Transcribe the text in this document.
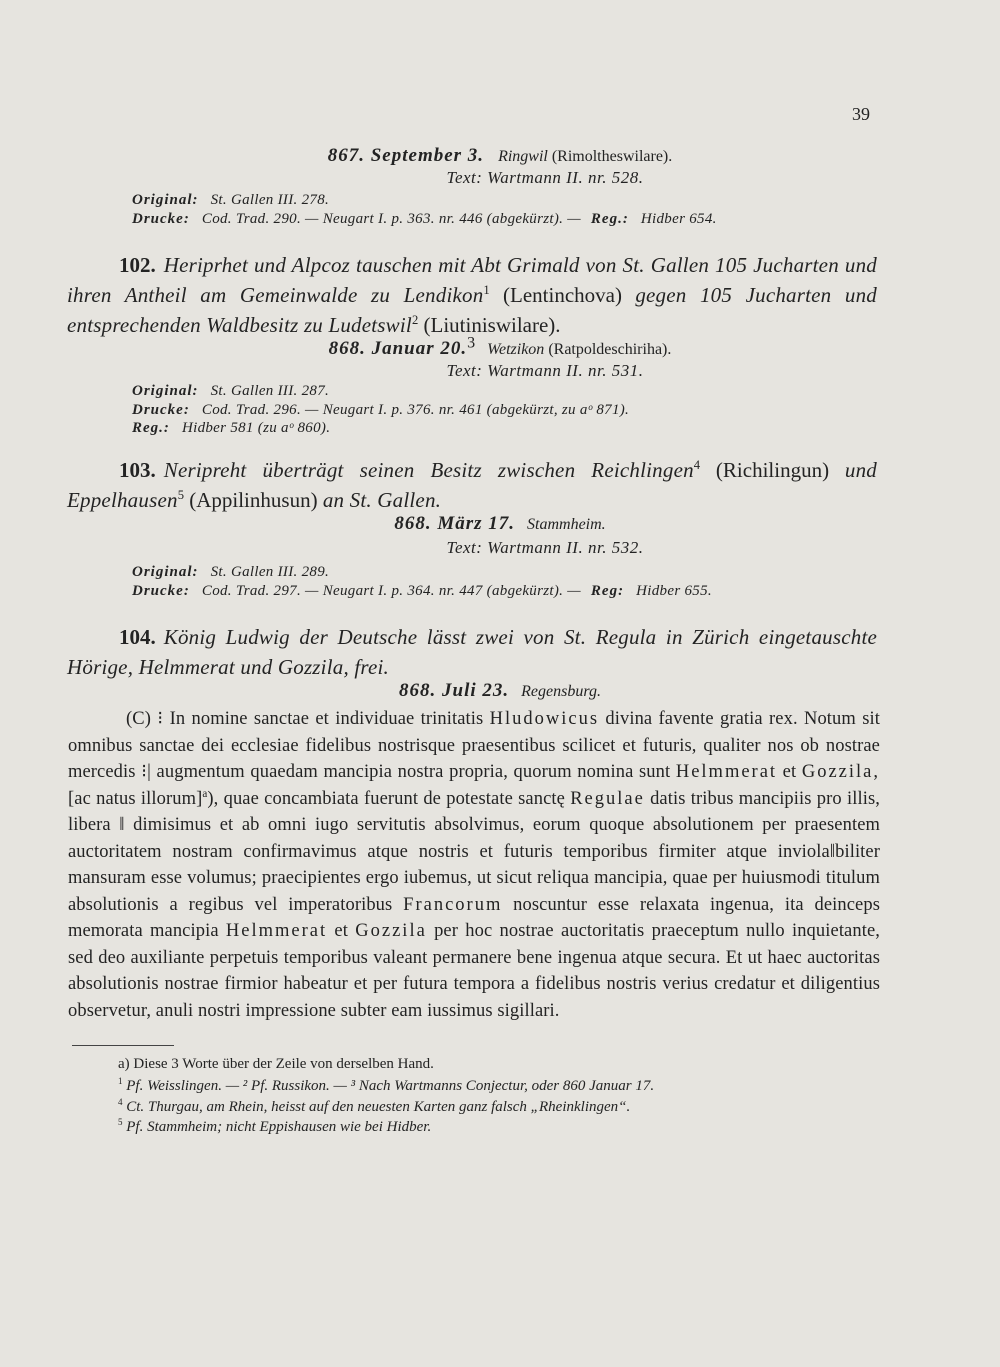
39
867. September 3. Ringwil (Rimoltheswilare).
Text: Wartmann II. nr. 528.
Original: St. Gallen III. 278.
Drucke: Cod. Trad. 290. — Neugart I. p. 363. nr. 446 (abgekürzt). — Reg.: Hidber 654.
102. Heriprhet und Alpcoz tauschen mit Abt Grimald von St. Gallen 105 Jucharten und ihren Antheil am Gemeinwalde zu Lendikon$^1$ (Lentinchova) gegen 105 Jucharten und entsprechenden Waldbesitz zu Ludetswil$^2$ (Liutiniswilare).
868. Januar 20.$^3$ Wetzikon (Ratpoldeschiriha).
Text: Wartmann II. nr. 531.
Original: St. Gallen III. 287.
Drucke: Cod. Trad. 296. — Neugart I. p. 376. nr. 461 (abgekürzt, zu aᵒ 871).
Reg.: Hidber 581 (zu aᵒ 860).
103. Neripreht überträgt seinen Besitz zwischen Reichlingen$^4$ (Richilingun) und Eppelhausen$^5$ (Appilinhusun) an St. Gallen.
868. März 17. Stammheim.
Text: Wartmann II. nr. 532.
Original: St. Gallen III. 289.
Drucke: Cod. Trad. 297. — Neugart I. p. 364. nr. 447 (abgekürzt). — Reg: Hidber 655.
104. König Ludwig der Deutsche lässt zwei von St. Regula in Zürich eingetauschte Hörige, Helmmerat und Gozzila, frei.
868. Juli 23. Regensburg.

(C) ⁝ In nomine sanctae et individuae trinitatis Hludowicus divina favente gratia rex. Notum sit omnibus sanctae dei ecclesiae fidelibus nostrisque praesentibus scilicet et futuris, qualiter nos ob nostrae mercedis ⁝| augmentum quaedam mancipia nostra propria, quorum nomina sunt Helmmerat et Gozzila, [ac natus illorum]$^a$), quae concambiata fuerunt de potestate sanctę Regulae datis tribus mancipiis pro illis, libera ‖ dimisimus et ab omni iugo servitutis absolvimus, eorum quoque absolutionem per praesentem auctoritatem nostram confirmavimus atque nostris et futuris temporibus firmiter atque inviola‖biliter mansuram esse volumus; praecipientes ergo iubemus, ut sicut reliqua mancipia, quae per huiusmodi titulum absolutionis a regibus vel imperatoribus Francorum noscuntur esse relaxata ingenua, ita deinceps memorata mancipia Helmmerat et Gozzila per hoc nostrae auctoritatis praeceptum nullo inquietante, sed deo auxiliante perpetuis temporibus valeant permanere bene ingenua atque secura. Et ut haec auctoritas absolutionis nostrae firmior habeatur et per futura tempora a fidelibus nostris verius credatur et diligentius observetur, anuli nostri impressione subter eam iussimus sigillari.

a) Diese 3 Worte über der Zeile von derselben Hand.
$^1$ Pf. Weisslingen. — ² Pf. Russikon. — ³ Nach Wartmanns Conjectur, oder 860 Januar 17.
$^4$ Ct. Thurgau, am Rhein, heisst auf den neuesten Karten ganz falsch „Rheinklingen“.
$^5$ Pf. Stammheim; nicht Eppishausen wie bei Hidber.
